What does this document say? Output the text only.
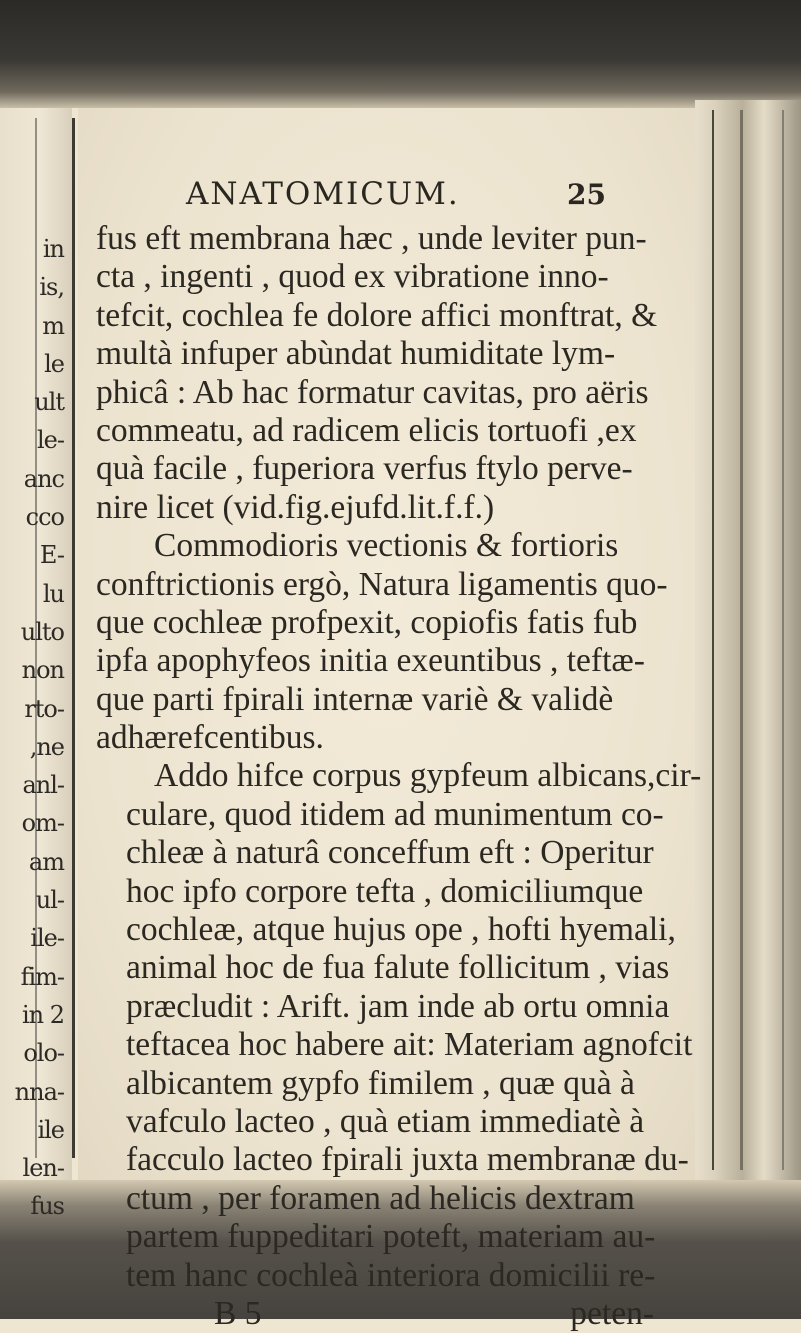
in
is,
m
le
ult
le-
anc
cco
E-
lu
ulto
non
rto-
,ne
anl-
om-
am
ul-
ile-
fim-
in 2
olo-
nna-
ile
len-
fus
ANATOMICUM.	25
fus eft membrana hæc , unde leviter pun-
cta , ingenti , quod ex vibratione inno-
tefcit, cochlea fe dolore affici monftrat, &
multà infuper abùndat humiditate lym-
phicâ : Ab hac formatur cavitas, pro aëris
commeatu, ad radicem elicis tortuofi ,ex
quà facile , fuperiora verfus ftylo perve-
nire licet (vid.fig.ejufd.lit.f.f.)
Commodioris vectionis & fortioris
conftrictionis ergò, Natura ligamentis quo-
que cochleæ profpexit, copiofis fatis fub
ipfa apophyfeos initia exeuntibus , teftæ-
que parti fpirali internæ variè & validè
adhærefcentibus.
Addo hifce corpus gypfeum albicans,cir-
culare, quod itidem ad munimentum co-
chleæ à naturâ conceffum eft : Operitur
hoc ipfo corpore tefta , domiciliumque
cochleæ, atque hujus ope , hofti hyemali,
animal hoc de fua falute follicitum , vias
præcludit : Arift. jam inde ab ortu omnia
teftacea hoc habere ait: Materiam agnofcit
albicantem gypfo fimilem , quæ quà à
vafculo lacteo , quà etiam immediatè à
facculo lacteo fpirali juxta membranæ du-
ctum , per foramen ad helicis dextram
partem fuppeditari poteft, materiam au-
tem hanc cochleà interiora domicilii re-
B 5	peten-
